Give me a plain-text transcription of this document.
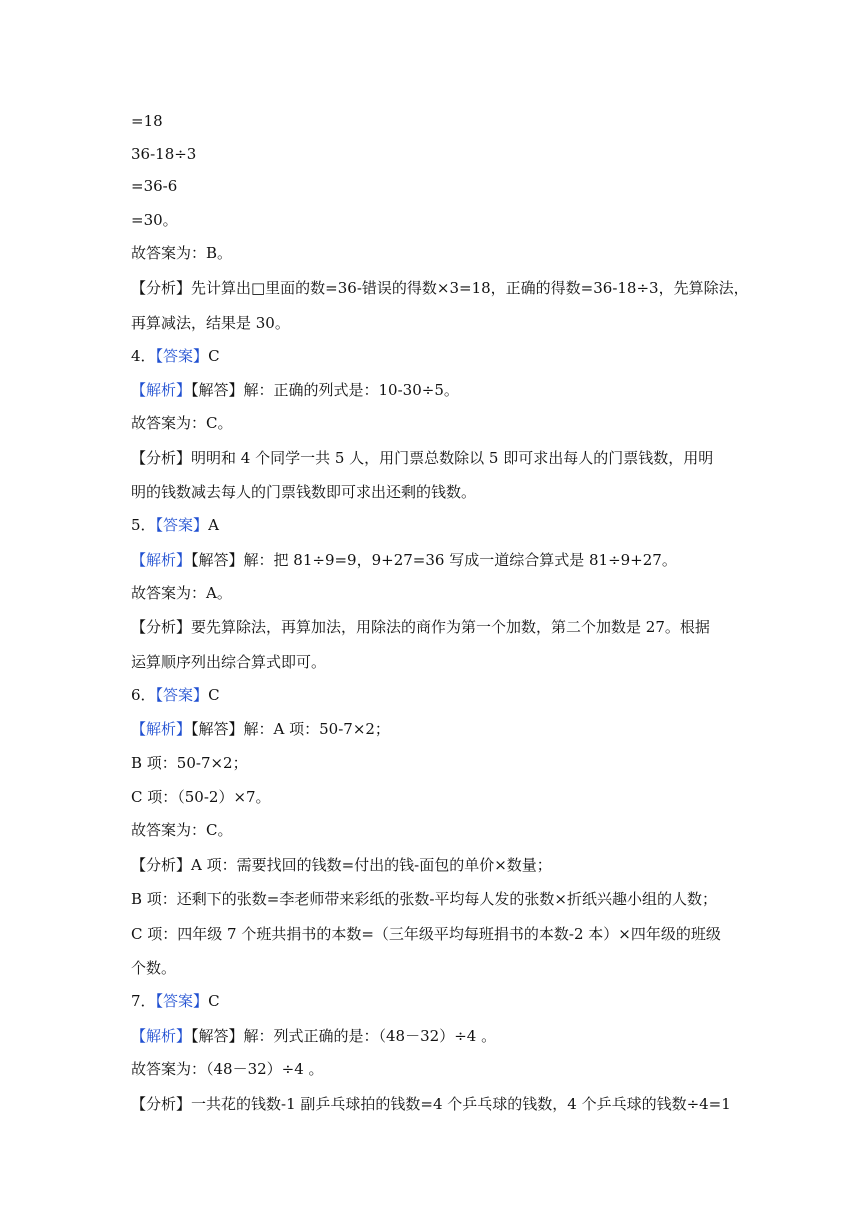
=18
36-18÷3
=36-6
=30。
故答案为：B。
【分析】先计算出□里面的数=36-错误的得数×3=18，正确的得数=36-18÷3，先算除法，
再算减法，结果是 30。
4．【答案】C
【解析】【解答】解：正确的列式是：10-30÷5。
故答案为：C。
【分析】明明和 4 个同学一共 5 人，用门票总数除以 5 即可求出每人的门票钱数，用明
明的钱数减去每人的门票钱数即可求出还剩的钱数。
5．【答案】A
【解析】【解答】解：把 81÷9=9，9+27=36 写成一道综合算式是 81÷9+27。
故答案为：A。
【分析】要先算除法，再算加法，用除法的商作为第一个加数，第二个加数是 27。根据
运算顺序列出综合算式即可。
6．【答案】C
【解析】【解答】解：A 项：50-7×2；
B 项：50-7×2；
C 项：（50-2）×7。
故答案为：C。
【分析】A 项：需要找回的钱数=付出的钱-面包的单价×数量；
B 项：还剩下的张数=李老师带来彩纸的张数-平均每人发的张数×折纸兴趣小组的人数；
C 项：四年级 7 个班共捐书的本数=（三年级平均每班捐书的本数-2 本）×四年级的班级
个数。
7．【答案】C
【解析】【解答】解：列式正确的是：（48－32）÷4 。
故答案为：（48－32）÷4 。
【分析】一共花的钱数-1 副乒乓球拍的钱数=4 个乒乓球的钱数，4 个乒乓球的钱数÷4=1
